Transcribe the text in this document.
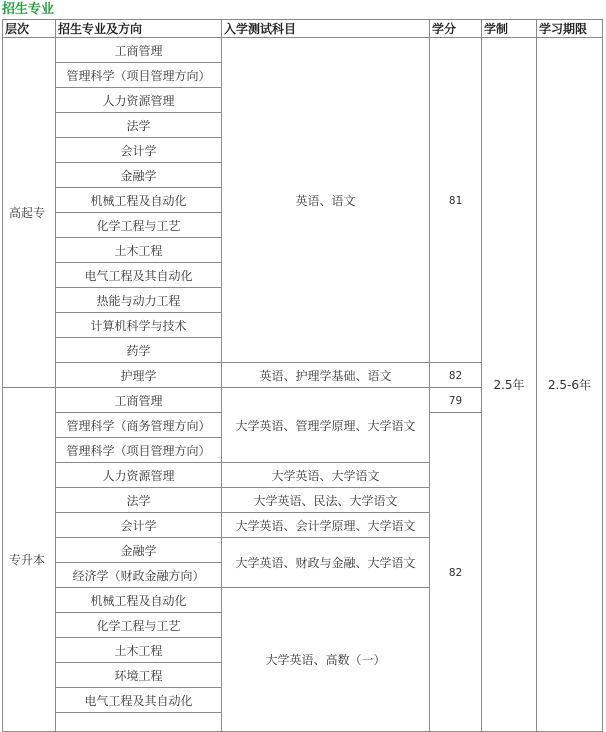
招生专业
层次	招生专业及方向	入学测试科目	学分	学制	学习期限
高起专	工商管理	英语、语文	81	2.5年	2.5-6年
	管理科学（项目管理方向）				
	人力资源管理				
	法学				
	会计学				
	金融学				
	机械工程及自动化				
	化学工程与工艺				
	土木工程				
	电气工程及其自动化				
	热能与动力工程				
	计算机科学与技术				
	药学				
	护理学	英语、护理学基础、语文	82		
专升本	工商管理	大学英语、管理学原理、大学语文	79		
	管理科学（商务管理方向）		82		
	管理科学（项目管理方向）				
	人力资源管理	大学英语、大学语文			
	法学	大学英语、民法、大学语文			
	会计学	大学英语、会计学原理、大学语文			
	金融学	大学英语、财政与金融、大学语文			
	经济学（财政金融方向）				
	机械工程及自动化	大学英语、高数（一）			
	化学工程与工艺				
	土木工程				
	环境工程				
	电气工程及其自动化				
